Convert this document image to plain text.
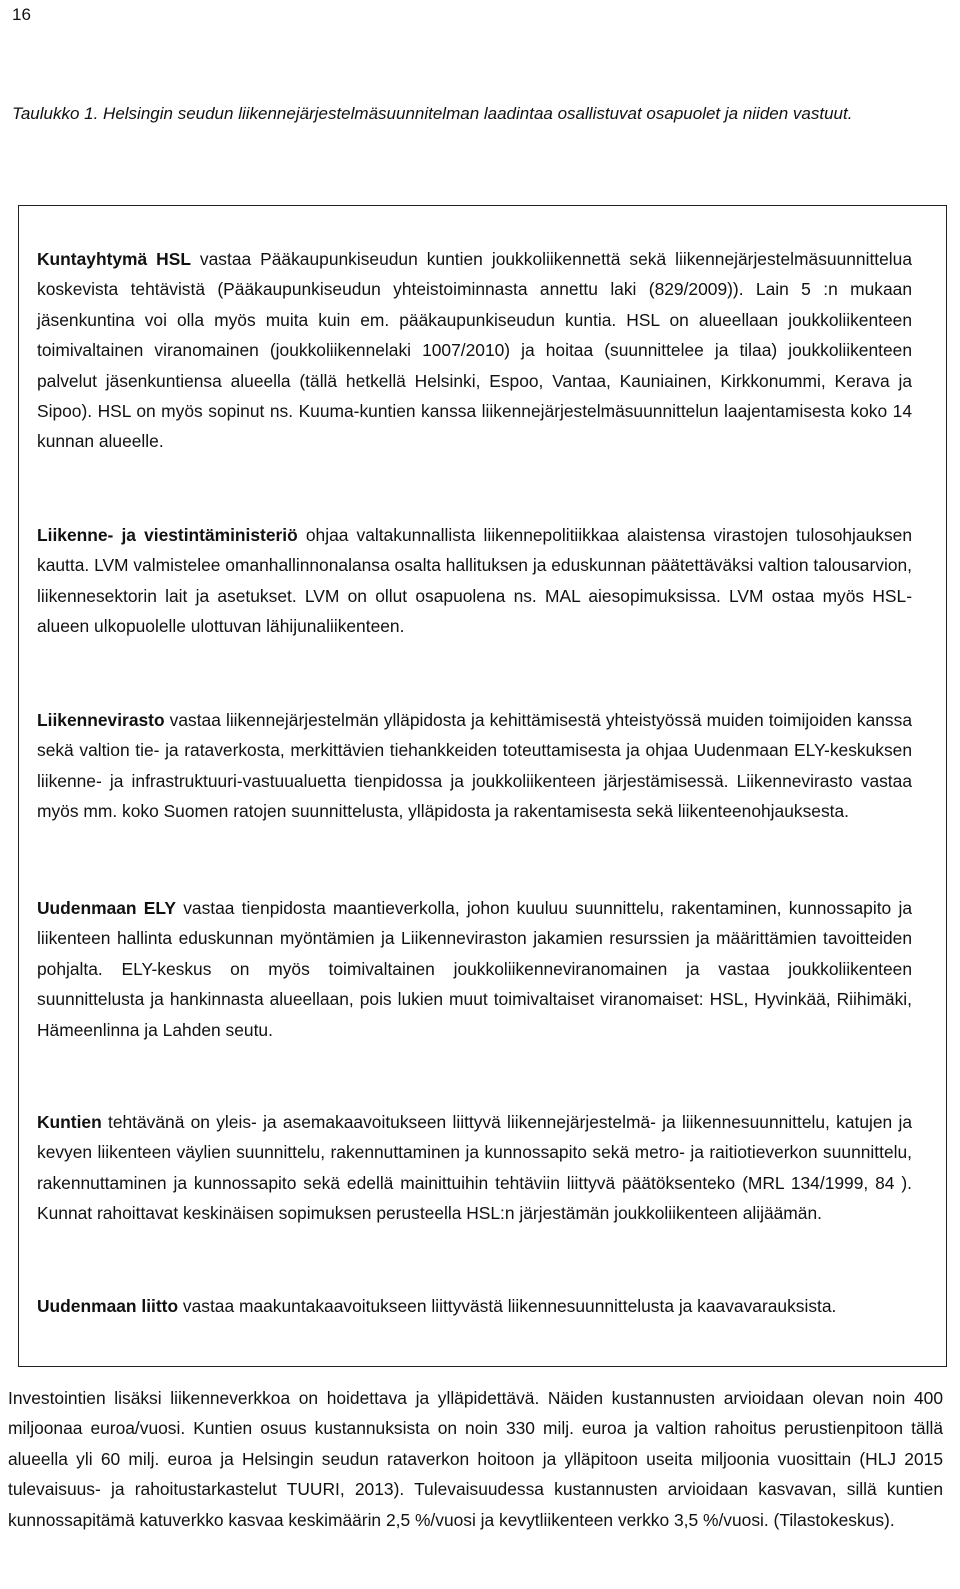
16
Taulukko 1. Helsingin seudun liikennejärjestelmäsuunnitelman laadintaa osallistuvat osapuolet ja niiden vastuut.
Kuntayhtymä HSL vastaa Pääkaupunkiseudun kuntien joukkoliikennettä sekä liikennejärjestelmäsuunnittelua koskevista tehtävistä (Pääkaupunkiseudun yhteistoiminnasta annettu laki (829/2009)). Lain 5 :n mukaan jäsenkuntina voi olla myös muita kuin em. pääkaupunkiseudun kuntia. HSL on alueellaan joukkoliikenteen toimivaltainen viranomainen (joukkoliikennelaki 1007/2010) ja hoitaa (suunnittelee ja tilaa) joukkoliikenteen palvelut jäsenkuntiensa alueella (tällä hetkellä Helsinki, Espoo, Vantaa, Kauniainen, Kirkkonummi, Kerava ja Sipoo). HSL on myös sopinut ns. Kuuma-kuntien kanssa liikennejärjestelmäsuunnittelun laajentamisesta koko 14 kunnan alueelle.
Liikenne- ja viestintäministeriö ohjaa valtakunnallista liikennepolitiikkaa alaistensa virastojen tulosohjauksen kautta. LVM valmistelee omanhallinnonalansa osalta hallituksen ja eduskunnan päätettäväksi valtion talousarvion, liikennesektorin lait ja asetukset. LVM on ollut osapuolena ns. MAL aiesopimuksissa. LVM ostaa myös HSL-alueen ulkopuolelle ulottuvan lähijunaliikenteen.
Liikennevirasto vastaa liikennejärjestelmän ylläpidosta ja kehittämisestä yhteistyössä muiden toimijoiden kanssa sekä valtion tie- ja rataverkosta, merkittävien tiehankkeiden toteuttamisesta ja ohjaa Uudenmaan ELY-keskuksen liikenne- ja infrastruktuuri-vastuualuetta tienpidossa ja joukkoliikenteen järjestämisessä. Liikennevirasto vastaa myös mm. koko Suomen ratojen suunnittelusta, ylläpidosta ja rakentamisesta sekä liikenteenohjauksesta.
Uudenmaan ELY vastaa tienpidosta maantieverkolla, johon kuuluu suunnittelu, rakentaminen, kunnossapito ja liikenteen hallinta eduskunnan myöntämien ja Liikenneviraston jakamien resurssien ja määrittämien tavoitteiden pohjalta. ELY-keskus on myös toimivaltainen joukkoliikenneviranomainen ja vastaa joukkoliikenteen suunnittelusta ja hankinnasta alueellaan, pois lukien muut toimivaltaiset viranomaiset: HSL, Hyvinkää, Riihimäki, Hämeenlinna ja Lahden seutu.
Kuntien tehtävänä on yleis- ja asemakaavoitukseen liittyvä liikennejärjestelmä- ja liikennesuunnittelu, katujen ja kevyen liikenteen väylien suunnittelu, rakennuttaminen ja kunnossapito sekä metro- ja raitiotieverkon suunnittelu, rakennuttaminen ja kunnossapito sekä edellä mainittuihin tehtäviin liittyvä päätöksenteko (MRL 134/1999, 84 ). Kunnat rahoittavat keskinäisen sopimuksen perusteella HSL:n järjestämän joukkoliikenteen alijäämän.
Uudenmaan liitto vastaa maakuntakaavoitukseen liittyvästä liikennesuunnittelusta ja kaavavarauksista.
Investointien lisäksi liikenneverkkoa on hoidettava ja ylläpidettävä. Näiden kustannusten arvioidaan olevan noin 400 miljoonaa euroa/vuosi. Kuntien osuus kustannuksista on noin 330 milj. euroa ja valtion rahoitus perustienpitoon tällä alueella yli 60 milj. euroa ja Helsingin seudun rataverkon hoitoon ja ylläpitoon useita miljoonia vuosittain (HLJ 2015 tulevaisuus- ja rahoitustarkastelut TUURI, 2013). Tulevaisuudessa kustannusten arvioidaan kasvavan, sillä kuntien kunnossapitämä katuverkko kasvaa keskimäärin 2,5 %/vuosi ja kevytliikenteen verkko 3,5 %/vuosi. (Tilastokeskus).
